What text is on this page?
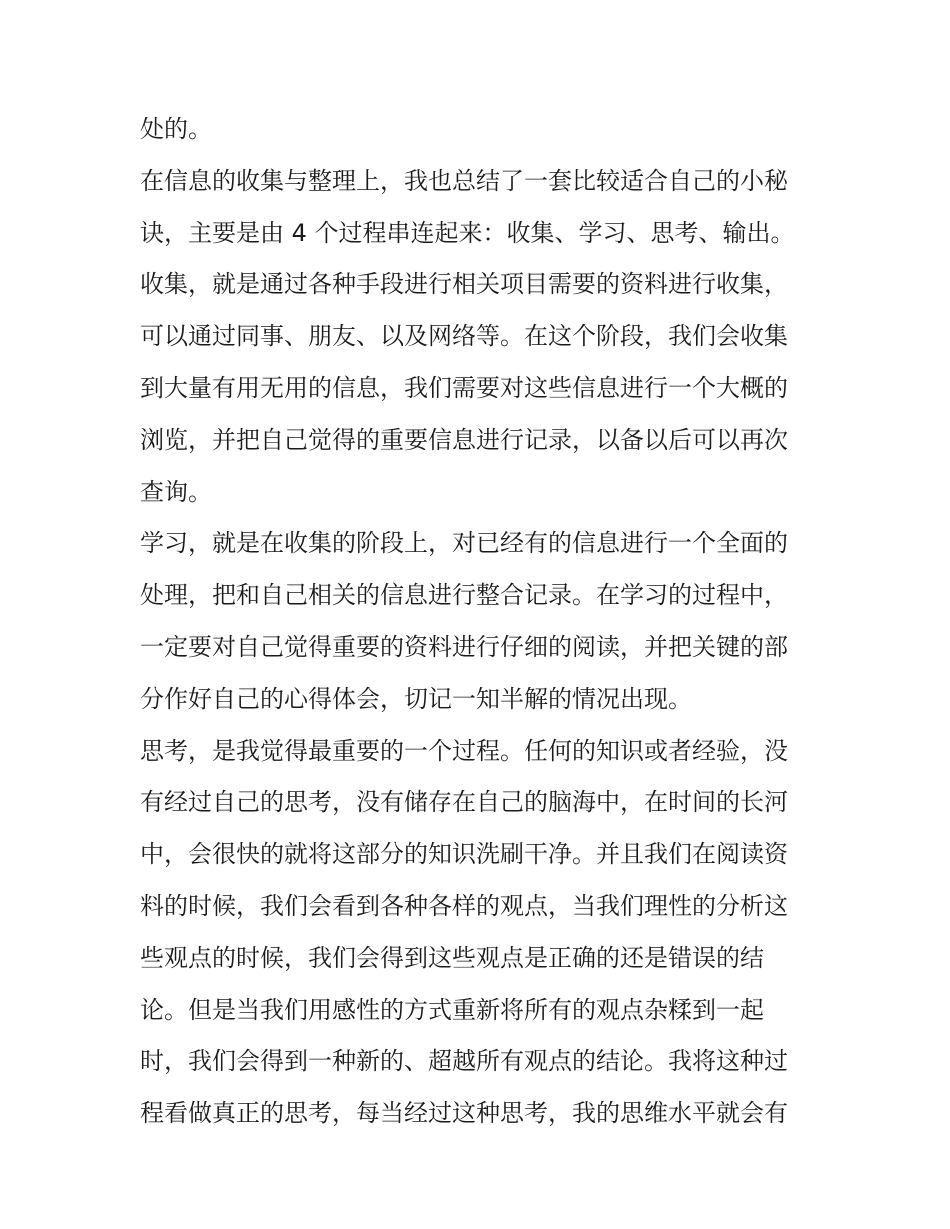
处的。
在信息的收集与整理上，我也总结了一套比较适合自己的小秘
诀，主要是由 4 个过程串连起来：收集、学习、思考、输出。
收集，就是通过各种手段进行相关项目需要的资料进行收集，
可以通过同事、朋友、以及网络等。在这个阶段，我们会收集
到大量有用无用的信息，我们需要对这些信息进行一个大概的
浏览，并把自己觉得的重要信息进行记录，以备以后可以再次
查询。
学习，就是在收集的阶段上，对已经有的信息进行一个全面的
处理，把和自己相关的信息进行整合记录。在学习的过程中，
一定要对自己觉得重要的资料进行仔细的阅读，并把关键的部
分作好自己的心得体会，切记一知半解的情况出现。
思考，是我觉得最重要的一个过程。任何的知识或者经验，没
有经过自己的思考，没有储存在自己的脑海中，在时间的长河
中，会很快的就将这部分的知识洗刷干净。并且我们在阅读资
料的时候，我们会看到各种各样的观点，当我们理性的分析这
些观点的时候，我们会得到这些观点是正确的还是错误的结
论。但是当我们用感性的方式重新将所有的观点杂糅到一起
时，我们会得到一种新的、超越所有观点的结论。我将这种过
程看做真正的思考，每当经过这种思考，我的思维水平就会有
